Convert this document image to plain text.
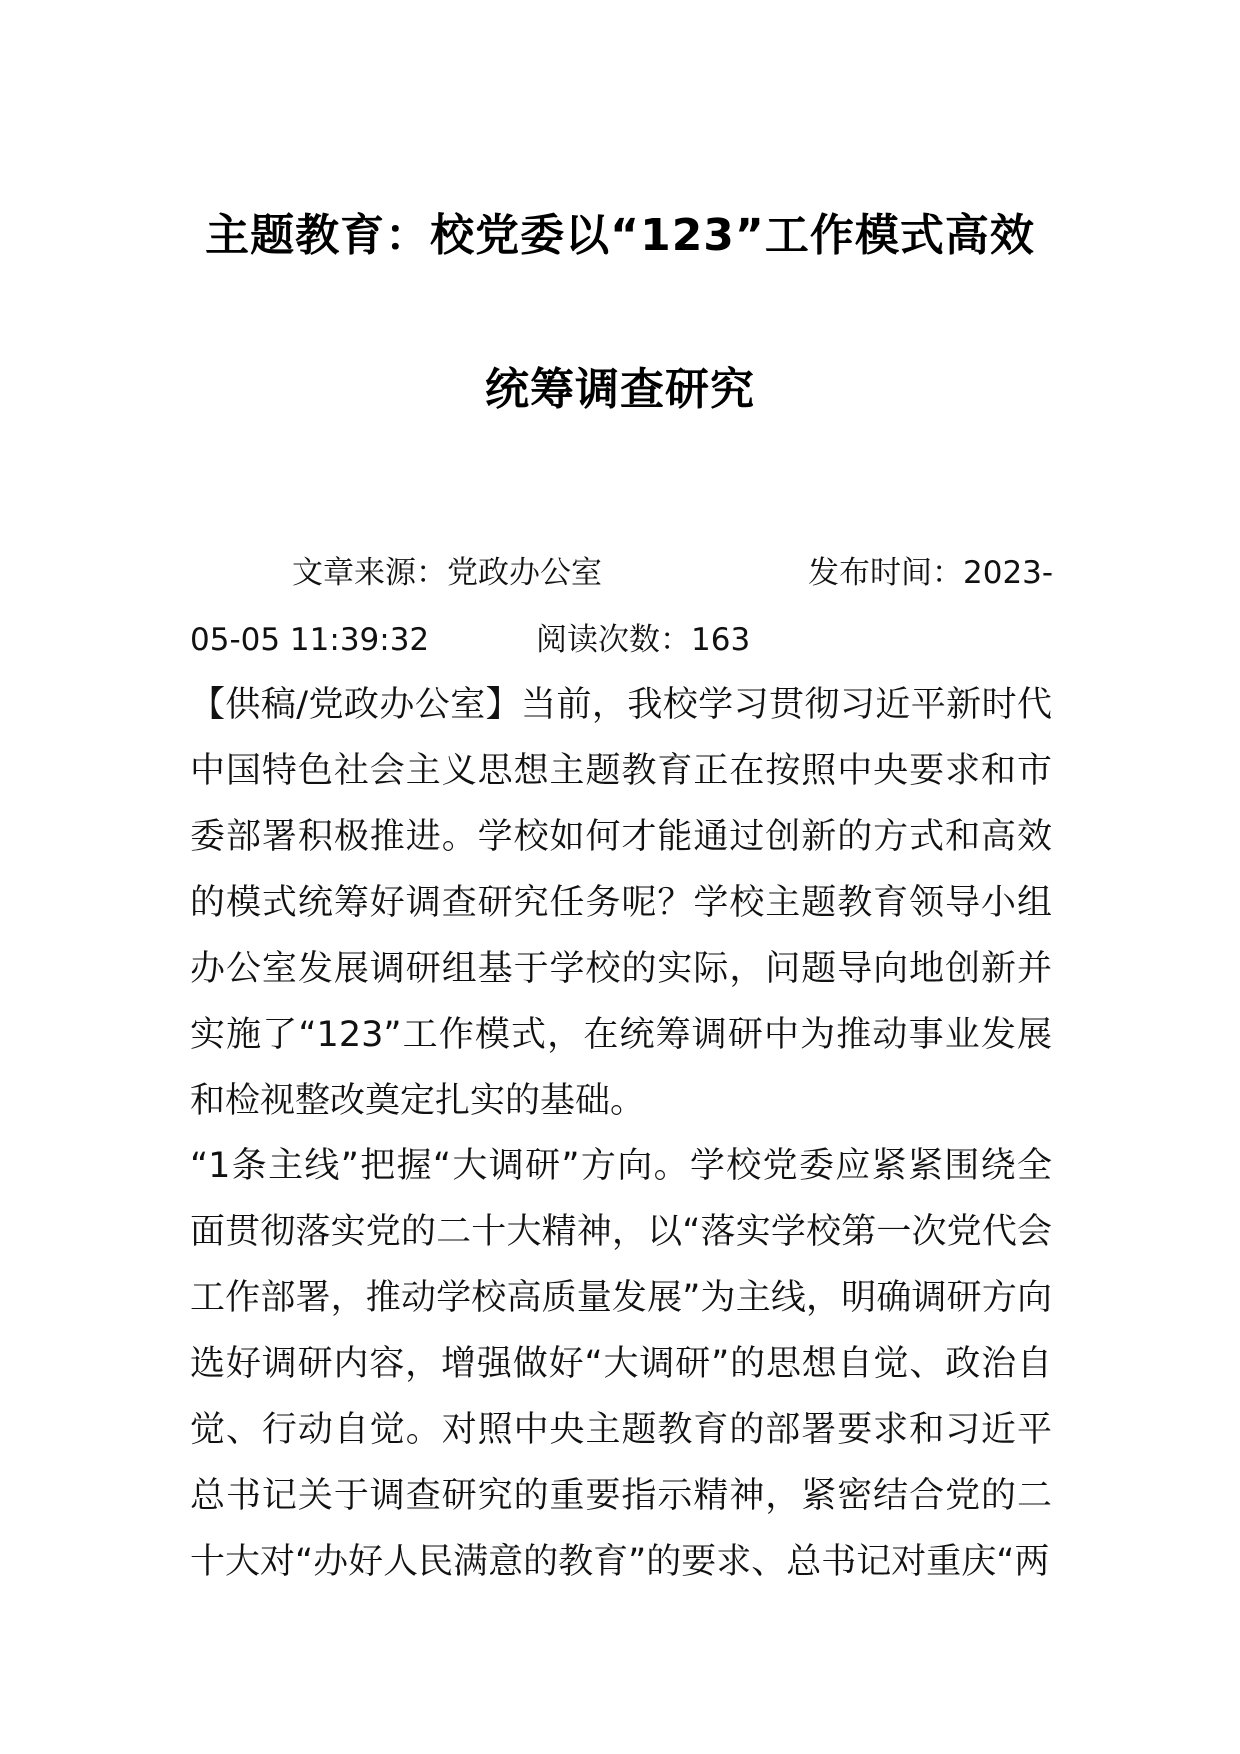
主题教育：校党委以“123”工作模式高效
统筹调查研究
文章来源：党政办公室	发布时间：2023-
05-05 11:39:32	阅读次数：163
【供稿/党政办公室】当前，我校学习贯彻习近平新时代中国特色社会主义思想主题教育正在按照中央要求和市委部署积极推进。学校如何才能通过创新的方式和高效的模式统筹好调查研究任务呢？学校主题教育领导小组办公室发展调研组基于学校的实际，问题导向地创新并实施了“123”工作模式，在统筹调研中为推动事业发展和检视整改奠定扎实的基础。
“1条主线”把握“大调研”方向。学校党委应紧紧围绕全面贯彻落实党的二十大精神，以“落实学校第一次党代会工作部署，推动学校高质量发展”为主线，明确调研方向选好调研内容，增强做好“大调研”的思想自觉、政治自觉、行动自觉。对照中央主题教育的部署要求和习近平总书记关于调查研究的重要指示精神，紧密结合党的二十大对“办好人民满意的教育”的要求、总书记对重庆“两
